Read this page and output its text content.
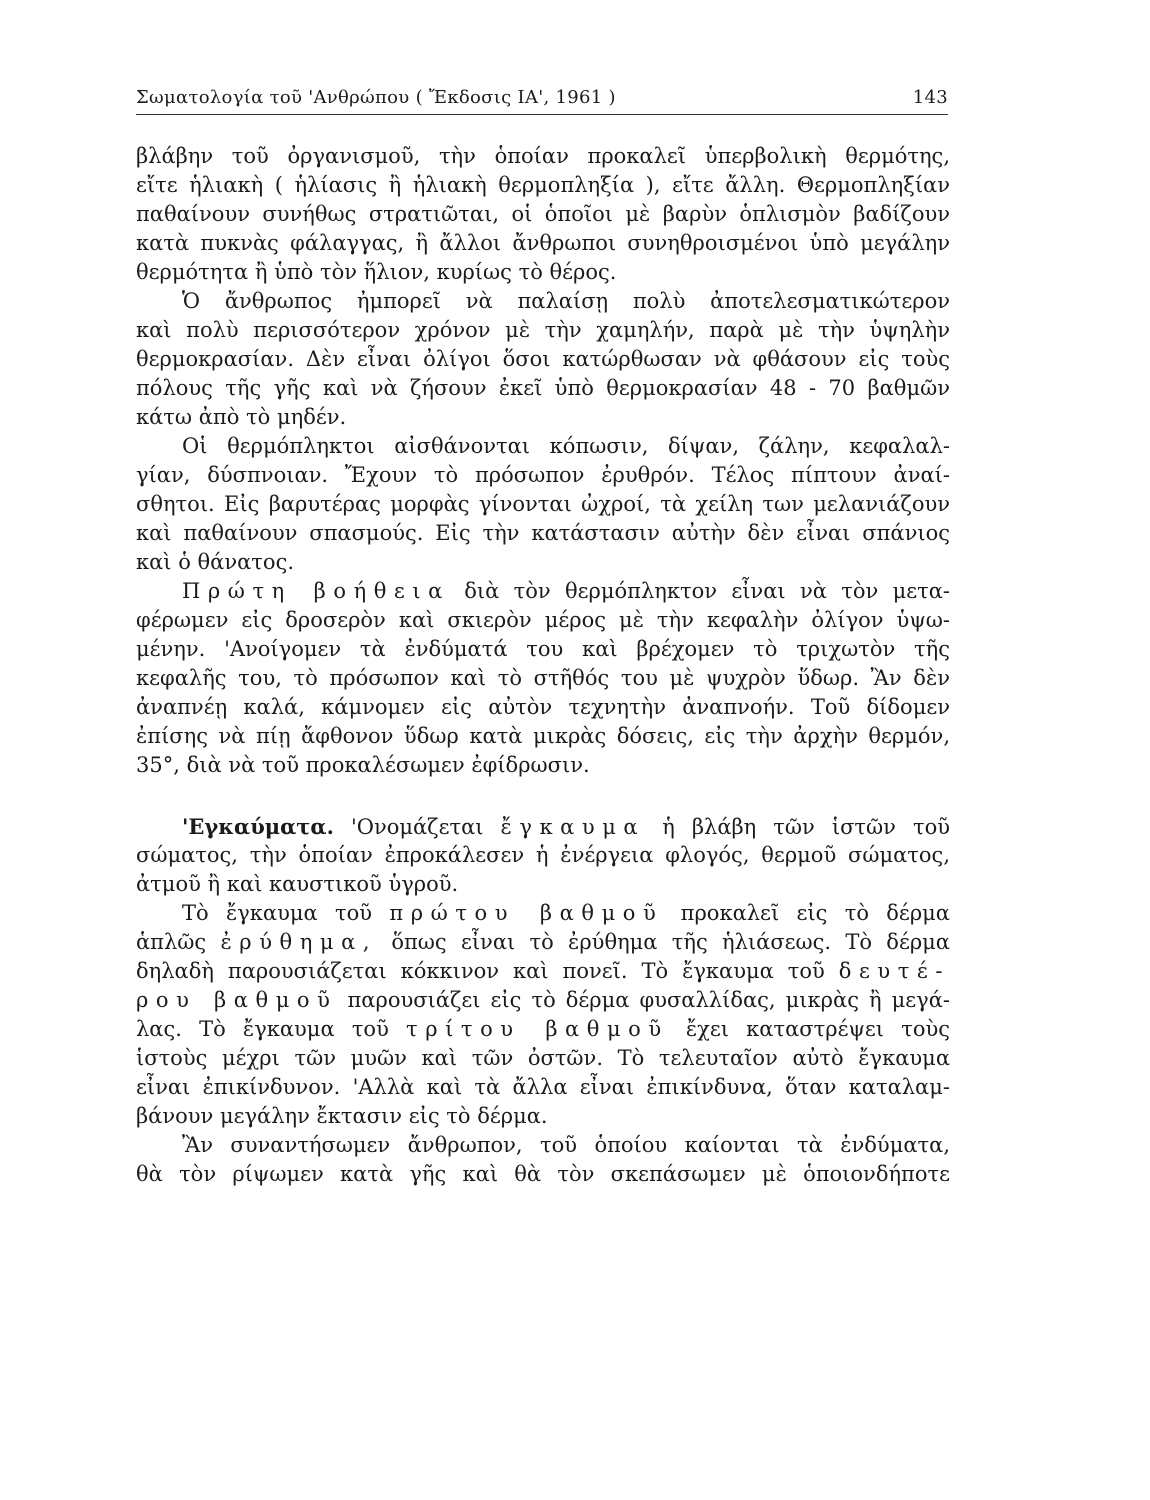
Σωματολογία τοῦ 'Ανθρώπου ( Ἔκδοσις ΙΑ', 1961 )	143
βλάβην τοῦ ὀργανισμοῦ, τὴν ὁποίαν προκαλεῖ ὑπερβολικὴ θερμότης,
εἴτε ἡλιακὴ ( ἡλίασις ἢ ἡλιακὴ θερμοπληξία ), εἴτε ἄλλη. Θερμοπληξίαν
παθαίνουν συνήθως στρατιῶται, οἱ ὁποῖοι μὲ βαρὺν ὁπλισμὸν βαδίζουν
κατὰ πυκνὰς φάλαγγας, ἢ ἄλλοι ἄνθρωποι συνηθροισμένοι ὑπὸ μεγάλην
θερμότητα ἢ ὑπὸ τὸν ἥλιον, κυρίως τὸ θέρος.
Ὁ ἄνθρωπος ἠμπορεῖ νὰ παλαίσῃ πολὺ ἀποτελεσματικώτερον
καὶ πολὺ περισσότερον χρόνον μὲ τὴν χαμηλήν, παρὰ μὲ τὴν ὑψηλὴν
θερμοκρασίαν. Δὲν εἶναι ὀλίγοι ὅσοι κατώρθωσαν νὰ φθάσουν εἰς τοὺς
πόλους τῆς γῆς καὶ νὰ ζήσουν ἐκεῖ ὑπὸ θερμοκρασίαν 48 - 70 βαθμῶν
κάτω ἀπὸ τὸ μηδέν.
Οἱ θερμόπληκτοι αἰσθάνονται κόπωσιν, δίψαν, ζάλην, κεφαλαλ-
γίαν, δύσπνοιαν. Ἔχουν τὸ πρόσωπον ἐρυθρόν. Τέλος πίπτουν ἀναί-
σθητοι. Εἰς βαρυτέρας μορφὰς γίνονται ὠχροί, τὰ χείλη των μελανιάζουν
καὶ παθαίνουν σπασμούς. Εἰς τὴν κατάστασιν αὐτὴν δὲν εἶναι σπάνιος
καὶ ὁ θάνατος.
Πρώτη βοήθεια διὰ τὸν θερμόπληκτον εἶναι νὰ τὸν μετα-
φέρωμεν εἰς δροσερὸν καὶ σκιερὸν μέρος μὲ τὴν κεφαλὴν ὀλίγον ὑψω-
μένην. 'Ανοίγομεν τὰ ἐνδύματά του καὶ βρέχομεν τὸ τριχωτὸν τῆς
κεφαλῆς του, τὸ πρόσωπον καὶ τὸ στῆθός του μὲ ψυχρὸν ὕδωρ. Ἂν δὲν
ἀναπνέῃ καλά, κάμνομεν εἰς αὐτὸν τεχνητὴν ἀναπνοήν. Τοῦ δίδομεν
ἐπίσης νὰ πίῃ ἄφθονον ὕδωρ κατὰ μικρὰς δόσεις, εἰς τὴν ἀρχὴν θερμόν,
35°, διὰ νὰ τοῦ προκαλέσωμεν ἐφίδρωσιν.
'Εγκαύματα. 'Ονομάζεται ἔγκαυμα ἡ βλάβη τῶν ἱστῶν τοῦ
σώματος, τὴν ὁποίαν ἐπροκάλεσεν ἡ ἐνέργεια φλογός, θερμοῦ σώματος,
ἀτμοῦ ἢ καὶ καυστικοῦ ὑγροῦ.
Τὸ ἔγκαυμα τοῦ πρώτου βαθμοῦ προκαλεῖ εἰς τὸ δέρμα
ἁπλῶς ἐρύθημα, ὅπως εἶναι τὸ ἐρύθημα τῆς ἡλιάσεως. Τὸ δέρμα
δηλαδὴ παρουσιάζεται κόκκινον καὶ πονεῖ. Τὸ ἔγκαυμα τοῦ δευτέ-
ρου βαθμοῦ παρουσιάζει εἰς τὸ δέρμα φυσαλλίδας, μικρὰς ἢ μεγά-
λας. Τὸ ἔγκαυμα τοῦ τρίτου βαθμοῦ ἔχει καταστρέψει τοὺς
ἱστοὺς μέχρι τῶν μυῶν καὶ τῶν ὀστῶν. Τὸ τελευταῖον αὐτὸ ἔγκαυμα
εἶναι ἐπικίνδυνον. 'Αλλὰ καὶ τὰ ἄλλα εἶναι ἐπικίνδυνα, ὅταν καταλαμ-
βάνουν μεγάλην ἔκτασιν εἰς τὸ δέρμα.
Ἂν συναντήσωμεν ἄνθρωπον, τοῦ ὁποίου καίονται τὰ ἐνδύματα,
θὰ τὸν ρίψωμεν κατὰ γῆς καὶ θὰ τὸν σκεπάσωμεν μὲ ὁποιονδήποτε
